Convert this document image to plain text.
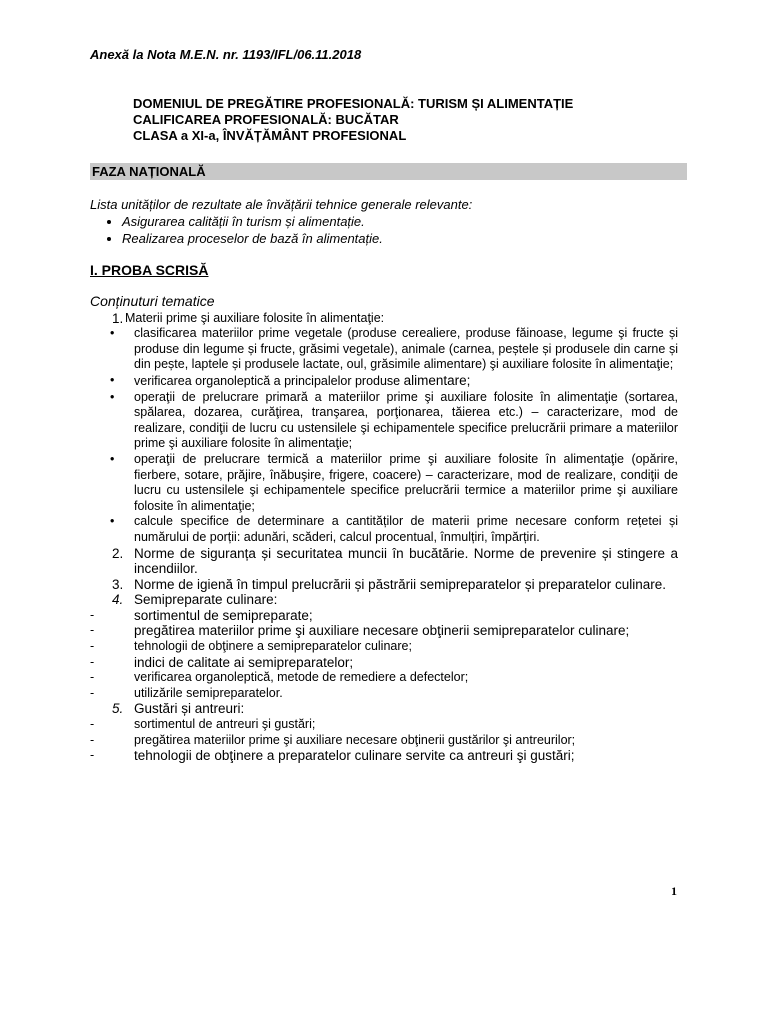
Anexă la Nota M.E.N. nr. 1193/IFL/06.11.2018
DOMENIUL DE PREGĂTIRE PROFESIONALĂ: TURISM ȘI ALIMENTAȚIE
CALIFICAREA PROFESIONALĂ: BUCĂTAR
CLASA a XI-a, ÎNVĂȚĂMÂNT PROFESIONAL
FAZA NAȚIONALĂ
Lista unităților de rezultate ale învățării tehnice generale relevante:
• Asigurarea calității în turism și alimentație.
• Realizarea proceselor de bază în alimentație.
I. PROBA SCRISĂ
Conținuturi tematice
1. Materii prime şi auxiliare folosite în alimentaţie:
•	clasificarea materiilor prime vegetale (produse cerealiere, produse făinoase, legume şi fructe și produse din legume și fructe, grăsimi vegetale), animale (carnea, peștele și produsele din carne și din pește, laptele și produsele lactate, oul, grăsimile alimentare) şi auxiliare folosite în alimentaţie;
•	verificarea organoleptică a principalelor produse alimentare;
•	operaţii de prelucrare primară a materiilor prime şi auxiliare folosite în alimentaţie (sortarea, spălarea, dozarea, curăţirea, tranşarea, porţionarea, tăierea etc.) – caracterizare, mod de realizare, condiţii de lucru cu ustensilele şi echipamentele specifice prelucrării primare a materiilor prime şi auxiliare folosite în alimentaţie;
•	operaţii de prelucrare termică a materiilor prime şi auxiliare folosite în alimentaţie (opărire, fierbere, sotare, prăjire, înăbuşire, frigere, coacere) – caracterizare, mod de realizare, condiţii de lucru cu ustensilele şi echipamentele specifice prelucrării termice a materiilor prime şi auxiliare folosite în alimentaţie;
•	calcule specifice de determinare a cantităților de materii prime necesare conform rețetei și numărului de porții: adunări, scăderi, calcul procentual, înmulțiri, împărțiri.
2. Norme de siguranța și securitatea muncii în bucătărie. Norme de prevenire și stingere a incendiilor.
3. Norme de igienă în timpul prelucrării și păstrării semipreparatelor și preparatelor culinare.
4. Semipreparate culinare:
-	sortimentul de semipreparate;
-	pregătirea materiilor prime şi auxiliare necesare obţinerii semipreparatelor culinare;
-	tehnologii de obţinere a semipreparatelor culinare;
-	indici de calitate ai semipreparatelor;
-	verificarea organoleptică, metode de remediere a defectelor;
-	utilizările semipreparatelor.
5. Gustări și antreuri:
-	sortimentul de antreuri şi gustări;
-	pregătirea materiilor prime şi auxiliare necesare obţinerii gustărilor şi antreurilor;
-	tehnologii de obţinere a preparatelor culinare servite ca antreuri şi gustări;
1
